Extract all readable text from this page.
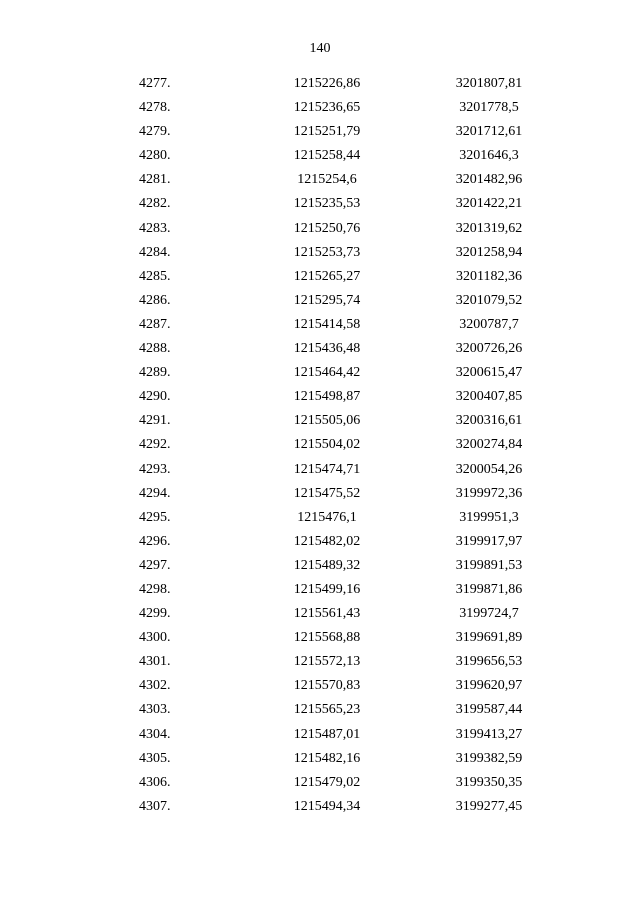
140
4277.	1215226,86	3201807,81
4278.	1215236,65	3201778,5
4279.	1215251,79	3201712,61
4280.	1215258,44	3201646,3
4281.	1215254,6	3201482,96
4282.	1215235,53	3201422,21
4283.	1215250,76	3201319,62
4284.	1215253,73	3201258,94
4285.	1215265,27	3201182,36
4286.	1215295,74	3201079,52
4287.	1215414,58	3200787,7
4288.	1215436,48	3200726,26
4289.	1215464,42	3200615,47
4290.	1215498,87	3200407,85
4291.	1215505,06	3200316,61
4292.	1215504,02	3200274,84
4293.	1215474,71	3200054,26
4294.	1215475,52	3199972,36
4295.	1215476,1	3199951,3
4296.	1215482,02	3199917,97
4297.	1215489,32	3199891,53
4298.	1215499,16	3199871,86
4299.	1215561,43	3199724,7
4300.	1215568,88	3199691,89
4301.	1215572,13	3199656,53
4302.	1215570,83	3199620,97
4303.	1215565,23	3199587,44
4304.	1215487,01	3199413,27
4305.	1215482,16	3199382,59
4306.	1215479,02	3199350,35
4307.	1215494,34	3199277,45
